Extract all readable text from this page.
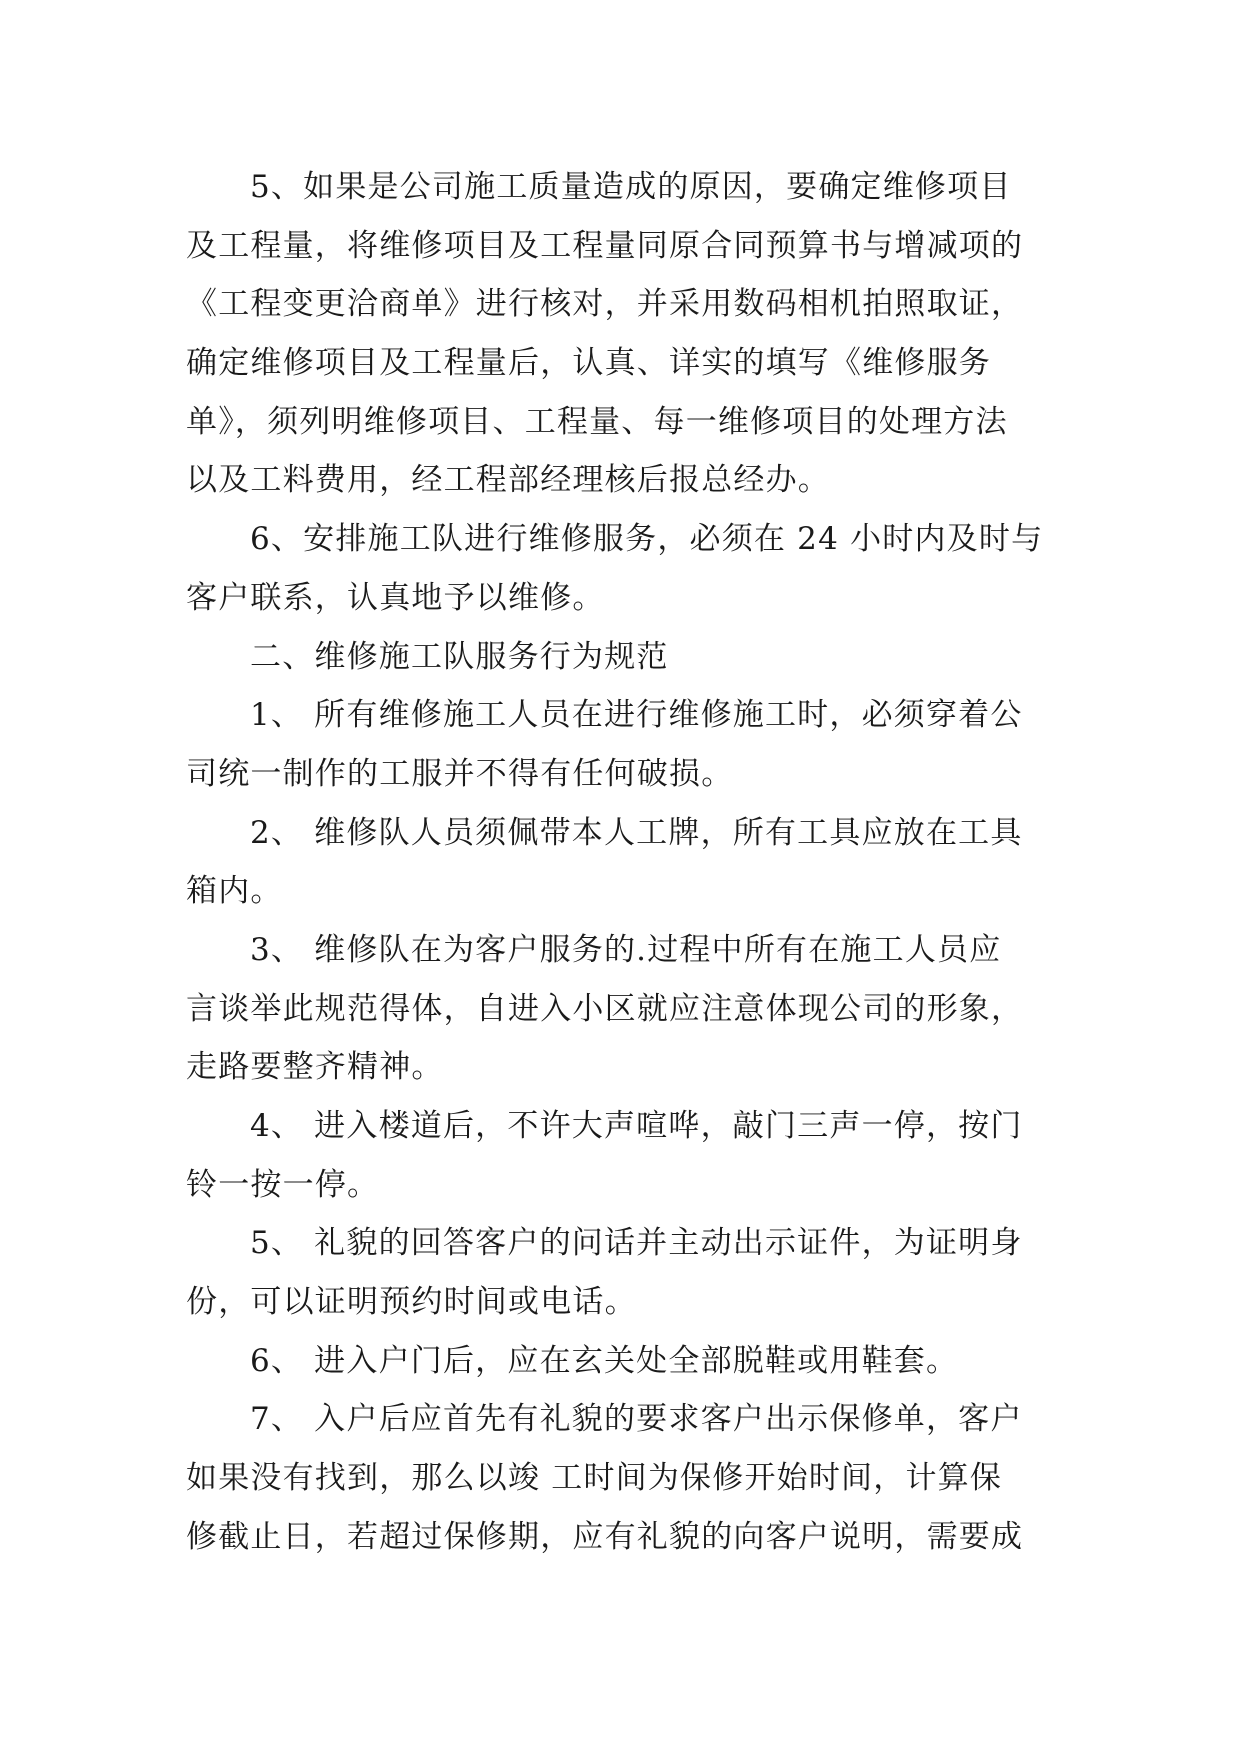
5、如果是公司施工质量造成的原因，要确定维修项目
及工程量，将维修项目及工程量同原合同预算书与增减项的
《工程变更洽商单》进行核对，并采用数码相机拍照取证，
确定维修项目及工程量后，认真、详实的填写《维修服务
单》，须列明维修项目、工程量、每一维修项目的处理方法
以及工料费用，经工程部经理核后报总经办。
6、安排施工队进行维修服务，必须在 24 小时内及时与
客户联系，认真地予以维修。
二、维修施工队服务行为规范
1、 所有维修施工人员在进行维修施工时，必须穿着公
司统一制作的工服并不得有任何破损。
2、 维修队人员须佩带本人工牌，所有工具应放在工具
箱内。
3、 维修队在为客户服务的.过程中所有在施工人员应
言谈举此规范得体，自进入小区就应注意体现公司的形象，
走路要整齐精神。
4、 进入楼道后，不许大声喧哗，敲门三声一停，按门
铃一按一停。
5、 礼貌的回答客户的问话并主动出示证件，为证明身
份，可以证明预约时间或电话。
6、 进入户门后，应在玄关处全部脱鞋或用鞋套。
7、 入户后应首先有礼貌的要求客户出示保修单，客户
如果没有找到，那么以竣 工时间为保修开始时间，计算保
修截止日，若超过保修期，应有礼貌的向客户说明，需要成
